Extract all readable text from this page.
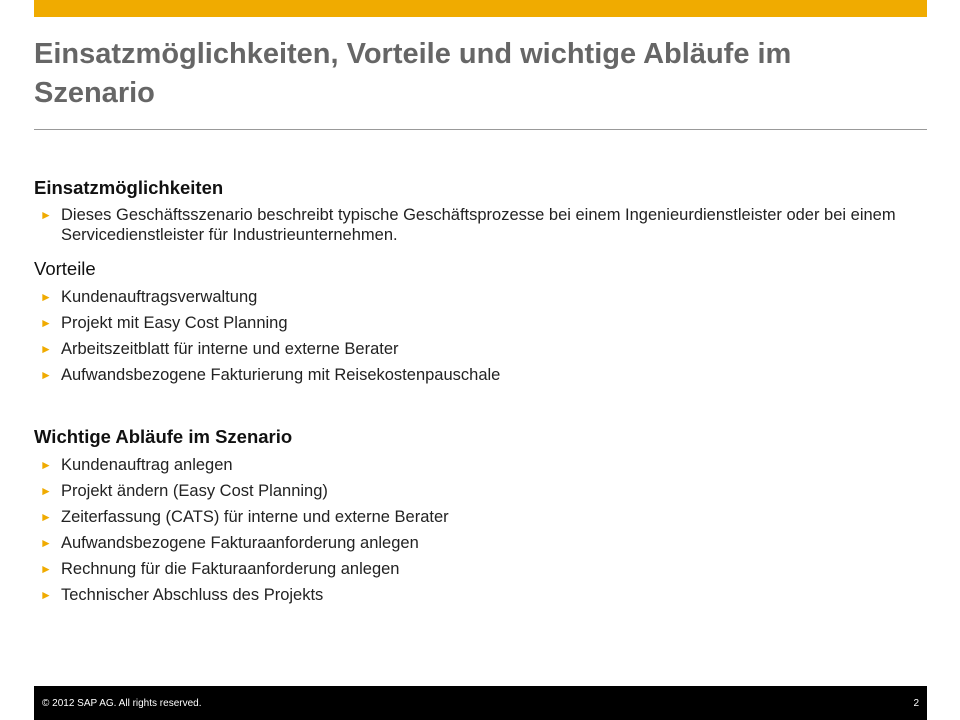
Einsatzmöglichkeiten, Vorteile und wichtige Abläufe im Szenario
Einsatzmöglichkeiten
► Dieses Geschäftsszenario beschreibt typische Geschäftsprozesse bei einem Ingenieurdienstleister oder bei einem Servicedienstleister für Industrieunternehmen.
Vorteile
► Kundenauftragsverwaltung
► Projekt mit Easy Cost Planning
► Arbeitszeitblatt für interne und externe Berater
► Aufwandsbezogene Fakturierung mit Reisekostenpauschale
Wichtige Abläufe im Szenario
► Kundenauftrag anlegen
► Projekt ändern (Easy Cost Planning)
► Zeiterfassung (CATS) für interne und externe Berater
► Aufwandsbezogene Fakturaanforderung anlegen
► Rechnung für die Fakturaanforderung anlegen
► Technischer Abschluss des Projekts
© 2012 SAP AG. All rights reserved.	2
